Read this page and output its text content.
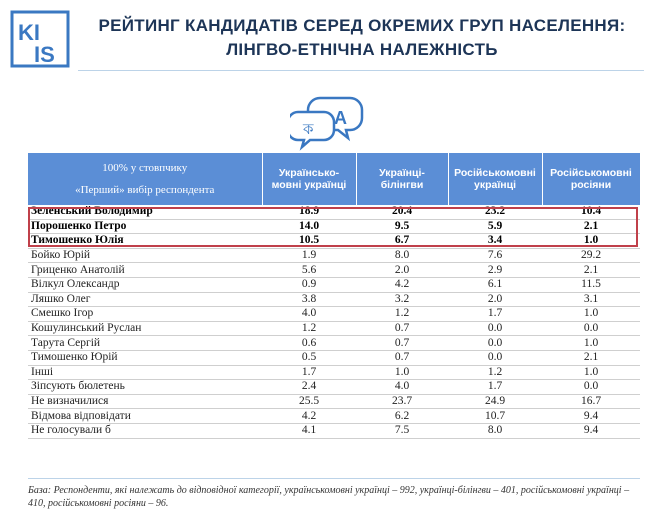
KI
IS
РЕЙТИНГ КАНДИДАТІВ СЕРЕД ОКРЕМИХ ГРУП НАСЕЛЕННЯ:
ЛІНГВО-ЕТНІЧНА НАЛЕЖНІСТЬ
A
ক
100% у стовпчику
«Перший» вибір респондента	Українсько-мовні українці	Українці-білінгви	Російськомовні українці	Російськомовні росіяни
Зеленський Володимир	18.9	20.4	23.2	10.4
Порошенко Петро	14.0	9.5	5.9	2.1
Тимошенко Юлія	10.5	6.7	3.4	1.0
Бойко Юрій	1.9	8.0	7.6	29.2
Гриценко Анатолій	5.6	2.0	2.9	2.1
Вілкул Олександр	0.9	4.2	6.1	11.5
Ляшко Олег	3.8	3.2	2.0	3.1
Смешко Ігор	4.0	1.2	1.7	1.0
Кошулинський Руслан	1.2	0.7	0.0	0.0
Тарута Сергій	0.6	0.7	0.0	1.0
Тимошенко Юрій	0.5	0.7	0.0	2.1
Інші	1.7	1.0	1.2	1.0
Зіпсують бюлетень	2.4	4.0	1.7	0.0
Не визначилися	25.5	23.7	24.9	16.7
Відмова відповідати	4.2	6.2	10.7	9.4
Не голосували б	4.1	7.5	8.0	9.4
База: Респонденти, які належать до відповідної категорії, українськомовні українці – 992, українці-білінгви – 401, російськомовні українці – 410, російськомовні росіяни – 96.
